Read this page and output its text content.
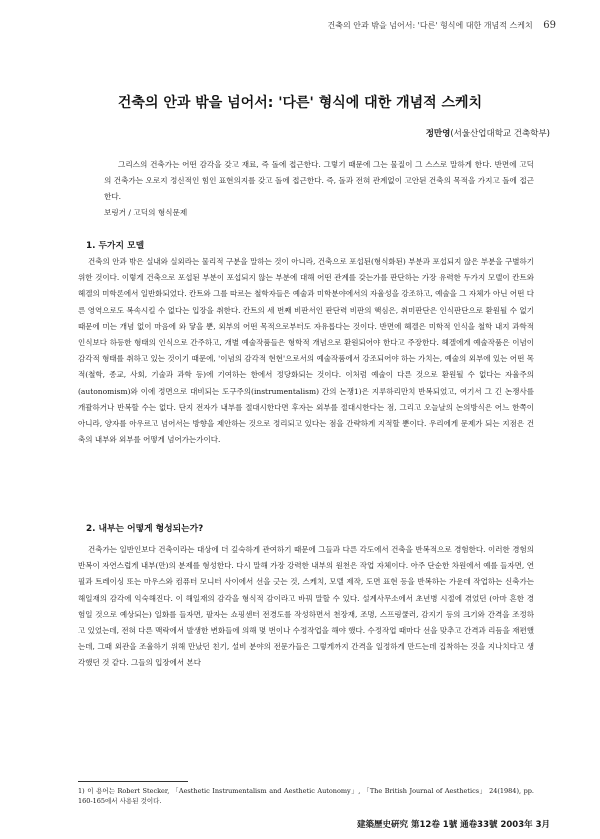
건축의 안과 밖을 넘어서: '다른' 형식에 대한 개념적 스케치 69
건축의 안과 밖을 넘어서: '다른' 형식에 대한 개념적 스케치
정만영(서울산업대학교 건축학부)

그리스의 건축가는 어떤 감각을 갖고 재료, 즉 돌에 접근한다. 그렇기 때문에 그는 물질이 그 스스로 말하게 한다. 반면에 고딕의 건축가는 오로지 정신적인 힘인 표현의지를 갖고 돌에 접근한다. 즉, 돌과 전혀 관계없이 고안된 건축의 목적을 가지고 돌에 접근한다.

보링거 / 고딕의 형식문제
1. 두가지 모델

건축의 안과 밖은 실내와 실외라는 물리적 구분을 말하는 것이 아니라, 건축으로 포섭된(형식화된) 부분과 포섭되지 않은 부분을 구별하기 위한 것이다. 이렇게 건축으로 포섭된 부분이 포섭되지 않는 부분에 대해 어떤 관계를 갖는가를 판단하는 가장 유력한 두가지 모델이 칸트와 헤겔의 미학론에서 일반화되었다. 칸트와 그를 따르는 철학자들은 예술과 미학분야에서의 자율성을 강조하고, 예술을 그 자체가 아닌 어떤 다른 영역으로도 복속시킬 수 없다는 입장을 취한다. 칸트의 세 번째 비판서인 판단력 비판의 핵심은, 취미판단은 인식판단으로 환원될 수 없기 때문에 미는 개념 없이 마음에 와 닿을 뿐, 외부의 어떤 목적으로부터도 자유롭다는 것이다. 반면에 헤겔은 미학적 인식을 철학 내지 과학적 인식보다 하등한 형태의 인식으로 간주하고, 개별 예술작품들은 형학적 개념으로 환원되어야 한다고 주장한다. 헤겔에게 예술작품은 이념이 감각적 형태를 취하고 있는 것이기 때문에, '이념의 감각적 현현'으로서의 예술작품에서 강조되어야 하는 가치는, 예술의 외부에 있는 어떤 목적(철학, 종교, 사회, 기술과 과학 등)에 기여하는 한에서 정당화되는 것이다. 이처럼 예술이 다른 것으로 환원될 수 없다는 자율주의(autonomism)와 이에 정면으로 대비되는 도구주의(instrumentalism) 간의 논쟁1)은 지루하리만치 반복되었고, 여기서 그 긴 논쟁사를 개괄하거나 반복할 수는 없다. 단지 전자가 내부를 절대시한다면 후자는 외부를 절대시한다는 점, 그리고 오늘날의 논의방식은 어느 한쪽이 아니라, 양자를 아우르고 넘어서는 방향을 제안하는 것으로 정리되고 있다는 점을 간략하게 지적할 뿐이다. 우리에게 문제가 되는 지점은 건축의 내부와 외부를 어떻게 넘어가는가이다.

2. 내부는 어떻게 형성되는가?

건축가는 일반인보다 건축이라는 대상에 더 깊숙하게 관여하기 때문에 그들과 다른 각도에서 건축을 반복적으로 경험한다. 이러한 경험의 반복이 자연스럽게 내부(만)의 분제를 형성한다. 다시 말해 가장 강력한 내부의 원천은 작업 자체이다. 아주 단순한 차원에서 예를 들자면, 연필과 트레이싱 또는 마우스와 컴퓨터 모니터 사이에서 선을 긋는 것, 스케치, 모델 제작, 도면 표현 등을 반복하는 가운데 작업하는 신축가는 해일재의 감각에 익숙해진다. 이 해일재의 감각을 형식적 감이라고 바꿔 말할 수 있다. 설계사무소에서 초년병 시절에 겪었던 (아마 흔한 경험일 것으로 예상되는) 일화를 들자면, 팔자는 쇼핑센터 전경도를 작성하면서 천장재, 조명, 스프링쿨러, 감지기 등의 크기와 간격을 조정하고 있었는데, 전혀 다른 맥락에서 발생한 변화들에 의해 몇 번이나 수정작업을 해야 했다. 수정작업 때마다 선을 맞추고 간격과 리듬을 재편했는데, 그때 외관을 조율하기 위해 만났던 친기, 설비 분야의 전문가들은 그렇게까지 간격을 일정하게 만드는데 집착하는 것을 지나치다고 생각했던 것 같다. 그들의 입장에서 본다

1) 이 용어는 Robert Stecker, 「Aesthetic Instrumentalism and Aesthetic Autonomy」, 「The British Journal of Aesthetics」 24(1984), pp. 160-165에서 사용된 것이다.
建築歷史硏究 第12卷 1號 通卷33號 2003年 3月
